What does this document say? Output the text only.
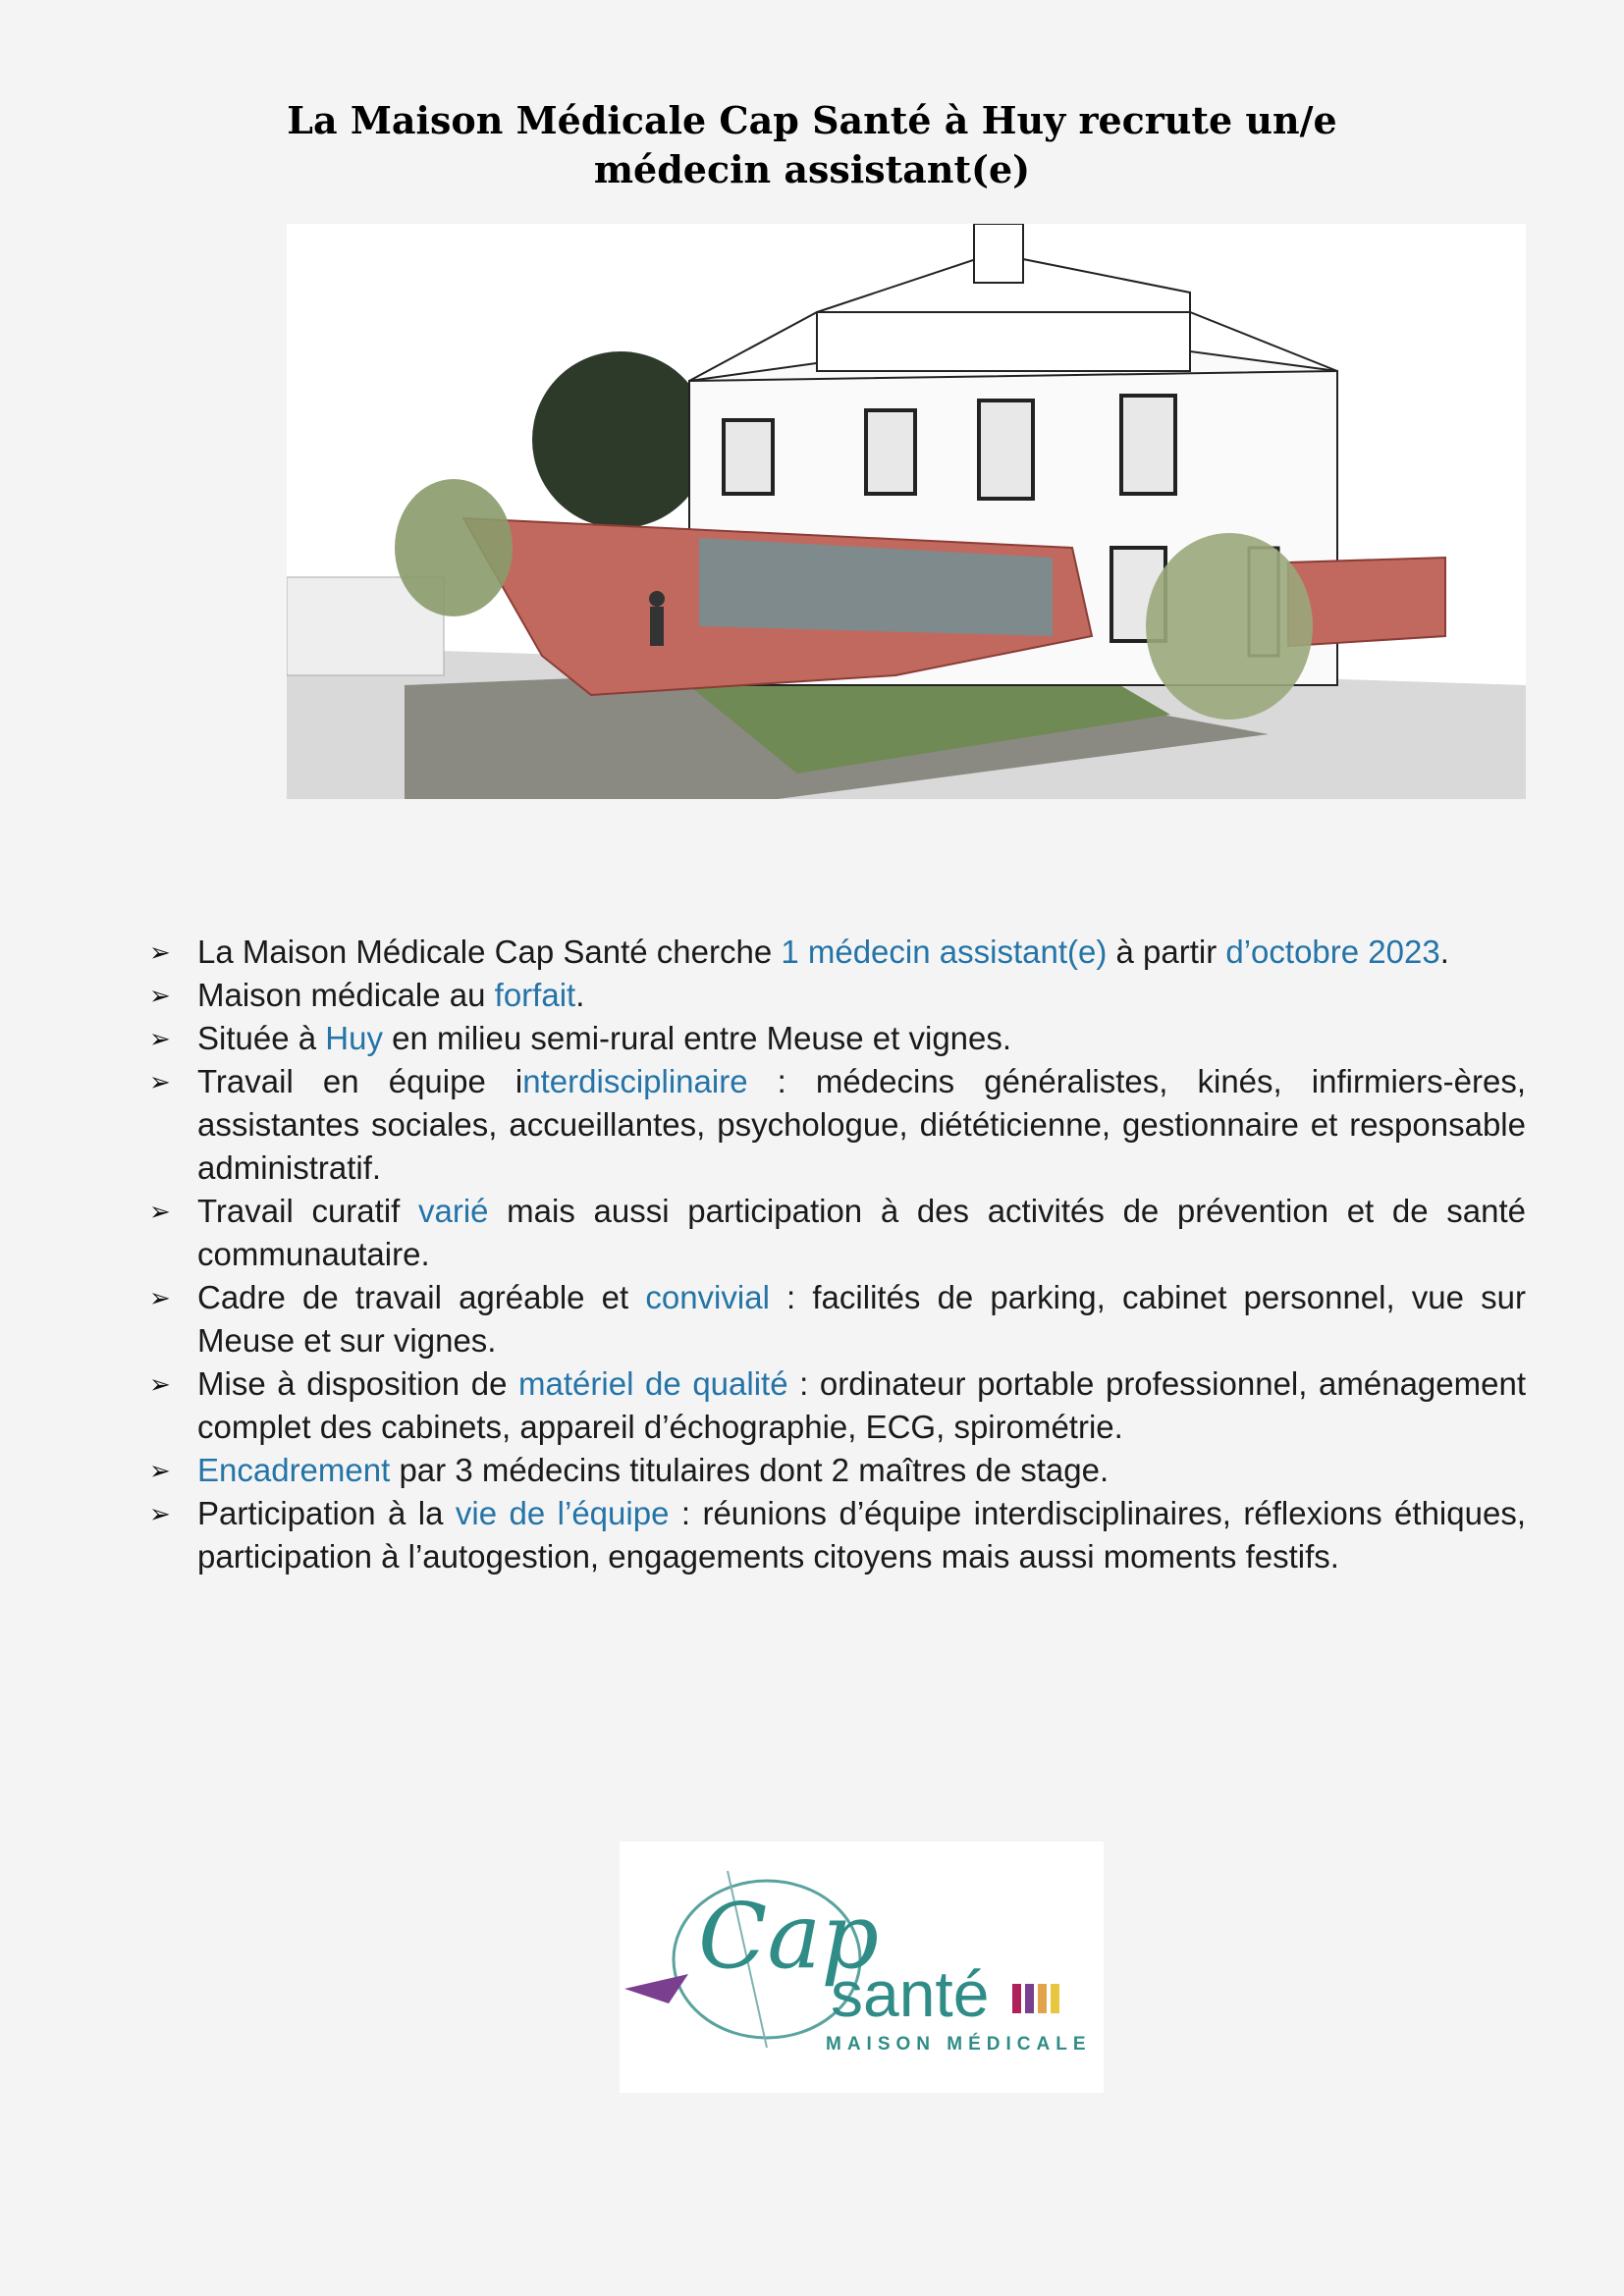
La Maison Médicale Cap Santé à Huy recrute un/e médecin assistant(e)
➢ La Maison Médicale Cap Santé cherche 1 médecin assistant(e) à partir d’octobre 2023.
➢ Maison médicale au forfait.
➢ Située à Huy en milieu semi-rural entre Meuse et vignes.
➢ Travail en équipe interdisciplinaire : médecins généralistes, kinés, infirmiers-ères, assistantes sociales, accueillantes, psychologue, diététicienne, gestionnaire et responsable administratif.
➢ Travail curatif varié mais aussi participation à des activités de prévention et de santé communautaire.
➢ Cadre de travail agréable et convivial : facilités de parking, cabinet personnel, vue sur Meuse et sur vignes.
➢ Mise à disposition de matériel de qualité : ordinateur portable professionnel, aménagement complet des cabinets, appareil d’échographie, ECG, spirométrie.
➢ Encadrement par 3 médecins titulaires dont 2 maîtres de stage.
➢ Participation à la vie de l’équipe : réunions d’équipe interdisciplinaires, réflexions éthiques, participation à l’autogestion, engagements citoyens mais aussi moments festifs.
Cap
santé
MAISON MÉDICALE
